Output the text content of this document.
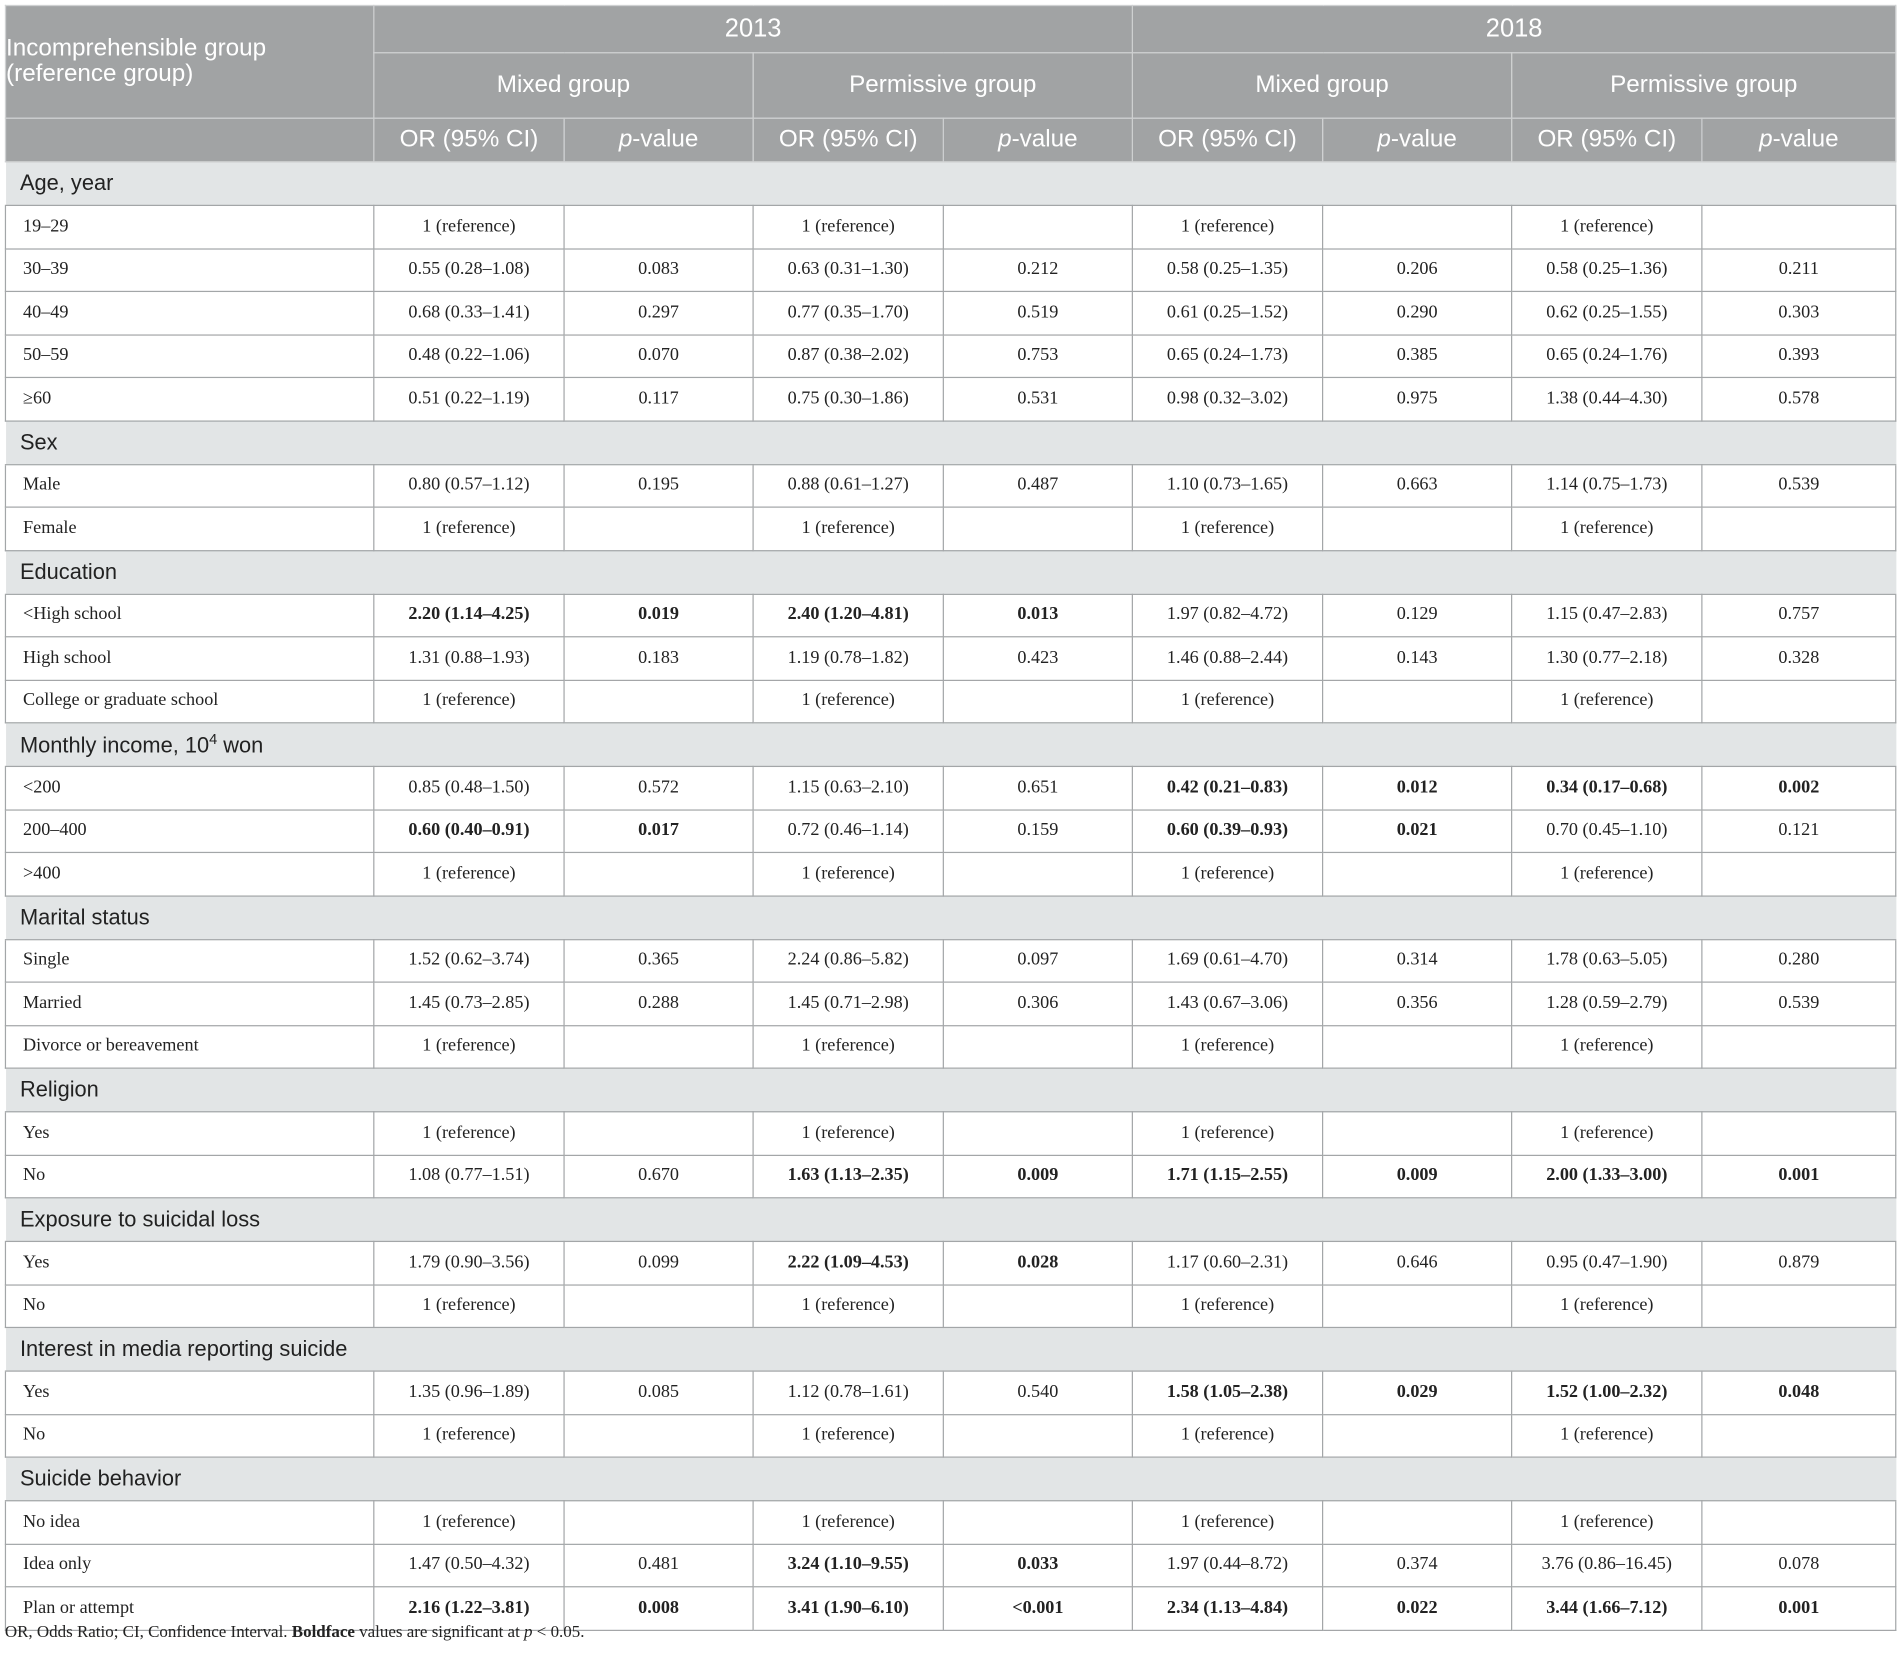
Incomprehensible group (reference group)	2013				2018			
	Mixed group		Permissive group		Mixed group		Permissive group	
	OR (95% CI)	p-value	OR (95% CI)	p-value	OR (95% CI)	p-value	OR (95% CI)	p-value
Age, year								
19–29	1 (reference)		1 (reference)		1 (reference)		1 (reference)	
30–39	0.55 (0.28–1.08)	0.083	0.63 (0.31–1.30)	0.212	0.58 (0.25–1.35)	0.206	0.58 (0.25–1.36)	0.211
40–49	0.68 (0.33–1.41)	0.297	0.77 (0.35–1.70)	0.519	0.61 (0.25–1.52)	0.290	0.62 (0.25–1.55)	0.303
50–59	0.48 (0.22–1.06)	0.070	0.87 (0.38–2.02)	0.753	0.65 (0.24–1.73)	0.385	0.65 (0.24–1.76)	0.393
≥60	0.51 (0.22–1.19)	0.117	0.75 (0.30–1.86)	0.531	0.98 (0.32–3.02)	0.975	1.38 (0.44–4.30)	0.578
Sex								
Male	0.80 (0.57–1.12)	0.195	0.88 (0.61–1.27)	0.487	1.10 (0.73–1.65)	0.663	1.14 (0.75–1.73)	0.539
Female	1 (reference)		1 (reference)		1 (reference)		1 (reference)	
Education								
<High school	2.20 (1.14–4.25)	0.019	2.40 (1.20–4.81)	0.013	1.97 (0.82–4.72)	0.129	1.15 (0.47–2.83)	0.757
High school	1.31 (0.88–1.93)	0.183	1.19 (0.78–1.82)	0.423	1.46 (0.88–2.44)	0.143	1.30 (0.77–2.18)	0.328
College or graduate school	1 (reference)		1 (reference)		1 (reference)		1 (reference)	
Monthly income, $10^4$ won								
<200	0.85 (0.48–1.50)	0.572	1.15 (0.63–2.10)	0.651	0.42 (0.21–0.83)	0.012	0.34 (0.17–0.68)	0.002
200–400	0.60 (0.40–0.91)	0.017	0.72 (0.46–1.14)	0.159	0.60 (0.39–0.93)	0.021	0.70 (0.45–1.10)	0.121
>400	1 (reference)		1 (reference)		1 (reference)		1 (reference)	
Marital status								
Single	1.52 (0.62–3.74)	0.365	2.24 (0.86–5.82)	0.097	1.69 (0.61–4.70)	0.314	1.78 (0.63–5.05)	0.280
Married	1.45 (0.73–2.85)	0.288	1.45 (0.71–2.98)	0.306	1.43 (0.67–3.06)	0.356	1.28 (0.59–2.79)	0.539
Divorce or bereavement	1 (reference)		1 (reference)		1 (reference)		1 (reference)	
Religion								
Yes	1 (reference)		1 (reference)		1 (reference)		1 (reference)	
No	1.08 (0.77–1.51)	0.670	1.63 (1.13–2.35)	0.009	1.71 (1.15–2.55)	0.009	2.00 (1.33–3.00)	0.001
Exposure to suicidal loss								
Yes	1.79 (0.90–3.56)	0.099	2.22 (1.09–4.53)	0.028	1.17 (0.60–2.31)	0.646	0.95 (0.47–1.90)	0.879
No	1 (reference)		1 (reference)		1 (reference)		1 (reference)	
Interest in media reporting suicide								
Yes	1.35 (0.96–1.89)	0.085	1.12 (0.78–1.61)	0.540	1.58 (1.05–2.38)	0.029	1.52 (1.00–2.32)	0.048
No	1 (reference)		1 (reference)		1 (reference)		1 (reference)	
Suicide behavior								
No idea	1 (reference)		1 (reference)		1 (reference)		1 (reference)	
Idea only	1.47 (0.50–4.32)	0.481	3.24 (1.10–9.55)	0.033	1.97 (0.44–8.72)	0.374	3.76 (0.86–16.45)	0.078
Plan or attempt	2.16 (1.22–3.81)	0.008	3.41 (1.90–6.10)	<0.001	2.34 (1.13–4.84)	0.022	3.44 (1.66–7.12)	0.001
OR, Odds Ratio; CI, Confidence Interval. Boldface values are significant at p < 0.05.
